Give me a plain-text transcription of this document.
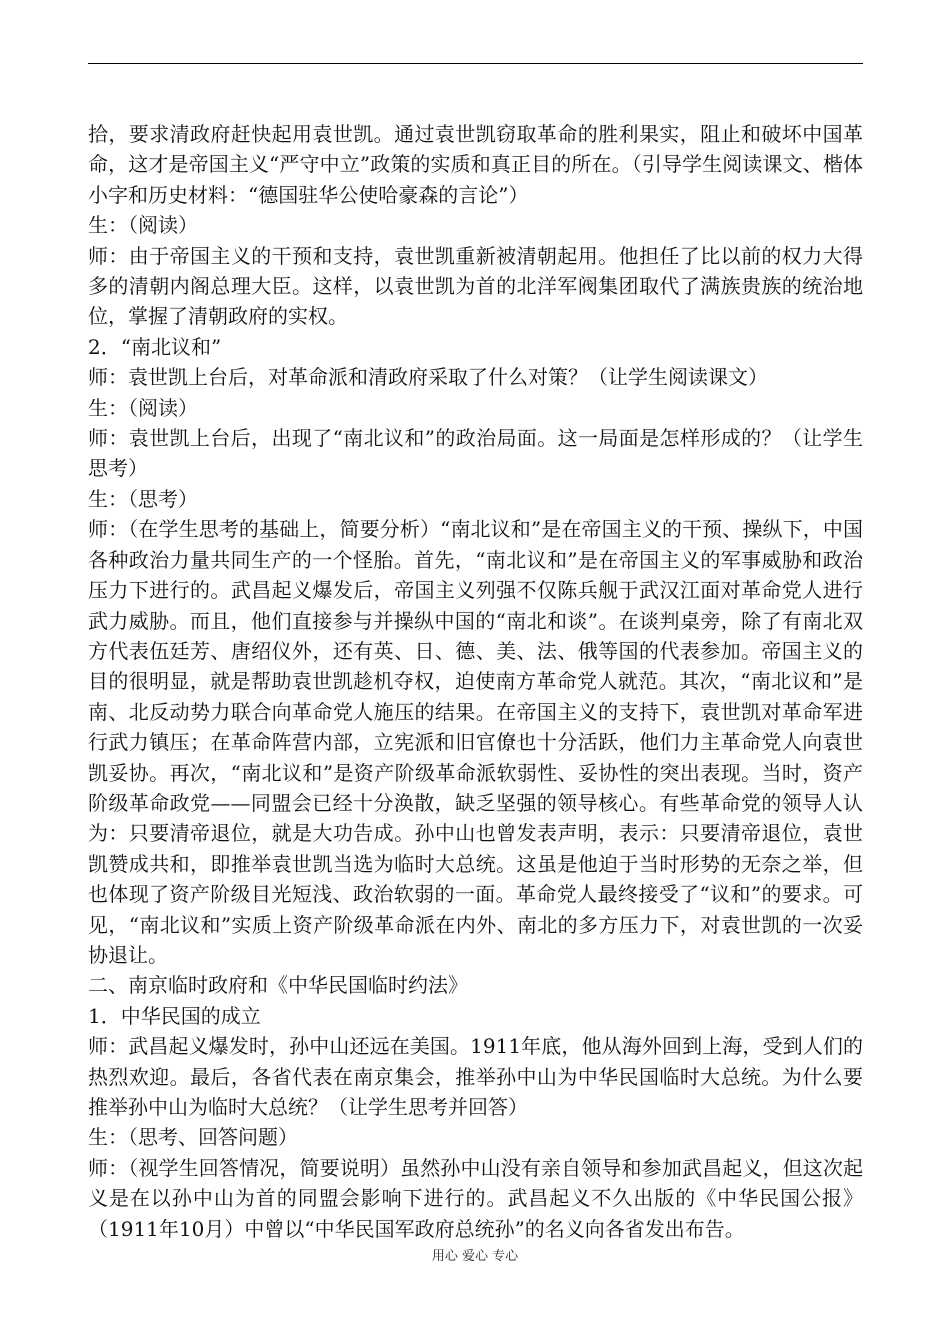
拾，要求清政府赶快起用袁世凯。通过袁世凯窃取革命的胜利果实，阻止和破坏中国革命，这才是帝国主义“严守中立”政策的实质和真正目的所在。（引导学生阅读课文、楷体小字和历史材料：“德国驻华公使哈豪森的言论”）

生：（阅读）

师：由于帝国主义的干预和支持，袁世凯重新被清朝起用。他担任了比以前的权力大得多的清朝内阁总理大臣。这样，以袁世凯为首的北洋军阀集团取代了满族贵族的统治地位，掌握了清朝政府的实权。

2．“南北议和”

师：袁世凯上台后，对革命派和清政府采取了什么对策？（让学生阅读课文）

生：（阅读）

师：袁世凯上台后，出现了“南北议和”的政治局面。这一局面是怎样形成的？（让学生思考）

生：（思考）

师：（在学生思考的基础上，简要分析）“南北议和”是在帝国主义的干预、操纵下，中国各种政治力量共同生产的一个怪胎。首先，“南北议和”是在帝国主义的军事威胁和政治压力下进行的。武昌起义爆发后，帝国主义列强不仅陈兵舰于武汉江面对革命党人进行武力威胁。而且，他们直接参与并操纵中国的“南北和谈”。在谈判桌旁，除了有南北双方代表伍廷芳、唐绍仪外，还有英、日、德、美、法、俄等国的代表参加。帝国主义的目的很明显，就是帮助袁世凯趁机夺权，迫使南方革命党人就范。其次，“南北议和”是南、北反动势力联合向革命党人施压的结果。在帝国主义的支持下，袁世凯对革命军进行武力镇压；在革命阵营内部，立宪派和旧官僚也十分活跃，他们力主革命党人向袁世凯妥协。再次，“南北议和”是资产阶级革命派软弱性、妥协性的突出表现。当时，资产阶级革命政党——同盟会已经十分涣散，缺乏坚强的领导核心。有些革命党的领导人认为：只要清帝退位，就是大功告成。孙中山也曾发表声明，表示：只要清帝退位，袁世凯赞成共和，即推举袁世凯当选为临时大总统。这虽是他迫于当时形势的无奈之举，但也体现了资产阶级目光短浅、政治软弱的一面。革命党人最终接受了“议和”的要求。可见，“南北议和”实质上资产阶级革命派在内外、南北的多方压力下，对袁世凯的一次妥协退让。

二、南京临时政府和《中华民国临时约法》

1．中华民国的成立

师：武昌起义爆发时，孙中山还远在美国。1911年底，他从海外回到上海，受到人们的热烈欢迎。最后，各省代表在南京集会，推举孙中山为中华民国临时大总统。为什么要推举孙中山为临时大总统？（让学生思考并回答）

生：（思考、回答问题）

师：（视学生回答情况，简要说明）虽然孙中山没有亲自领导和参加武昌起义，但这次起义是在以孙中山为首的同盟会影响下进行的。武昌起义不久出版的《中华民国公报》（1911年10月）中曾以“中华民国军政府总统孙”的名义向各省发出布告。

用心 爱心 专心
